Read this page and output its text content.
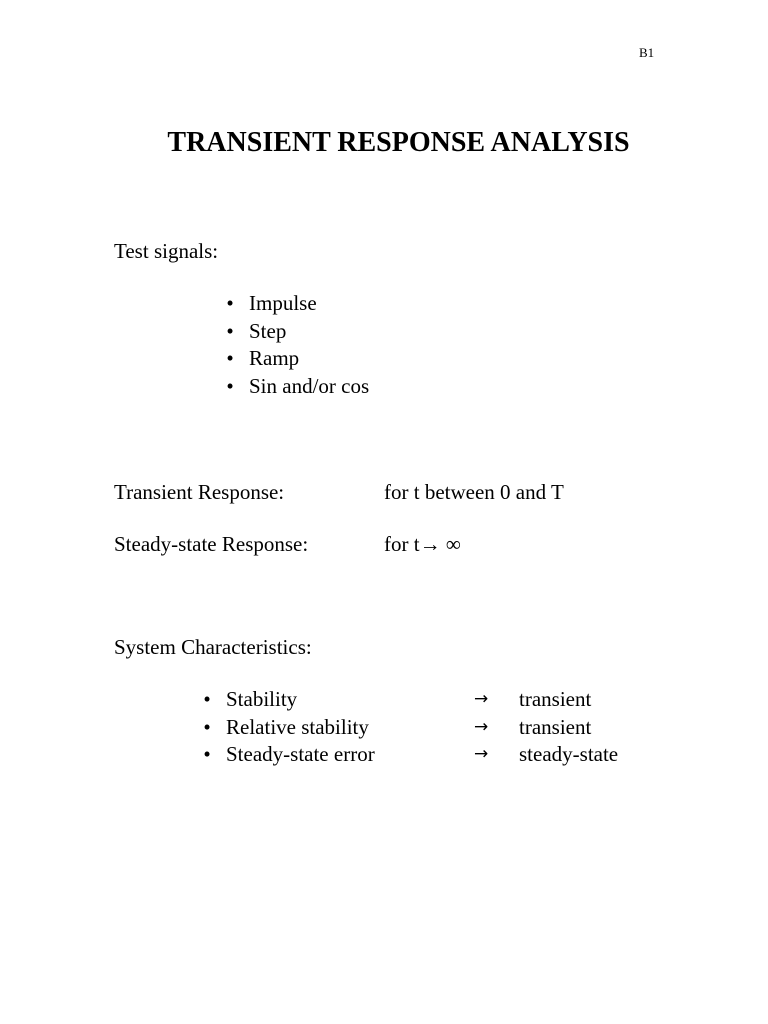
B1
TRANSIENT RESPONSE ANALYSIS
Test signals:
• Impulse
• Step
• Ramp
• Sin and/or cos
Transient Response:	for t between 0 and T
Steady-state Response:	for t→ ∞
System Characteristics:
• Stability	→ transient
• Relative stability	→ transient
• Steady-state error	→ steady-state
